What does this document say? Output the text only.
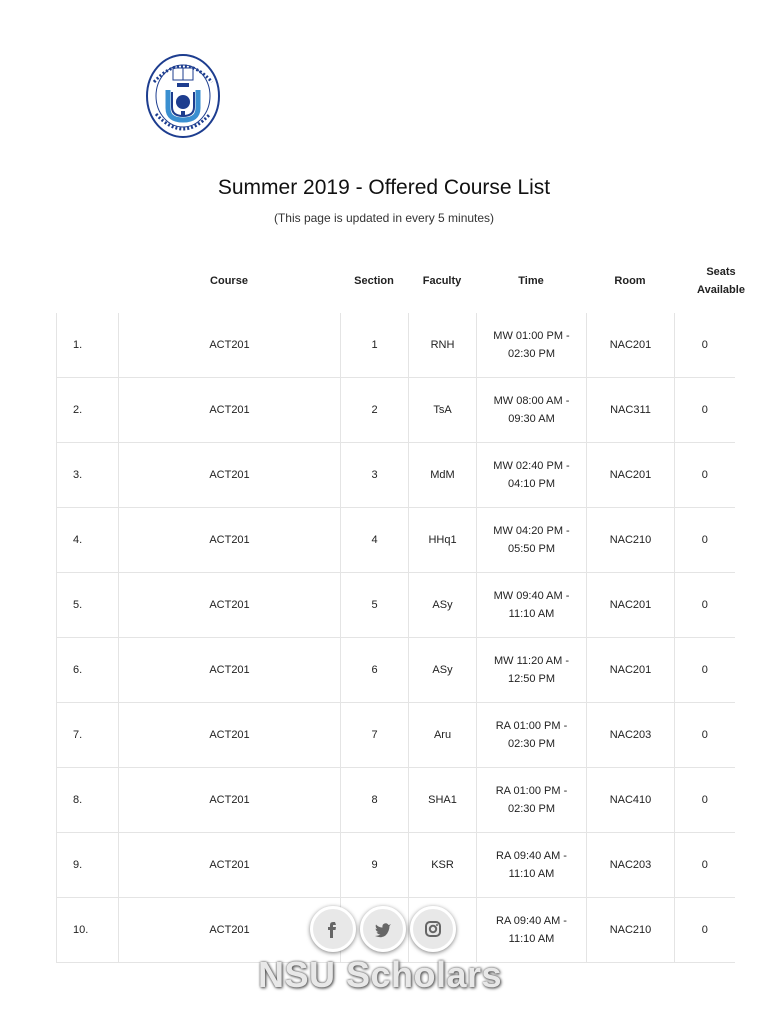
Summer 2019 - Offered Course List
(This page is updated in every 5 minutes)
Course	Section	Faculty	Time	Room
Seats
Available
1.	ACT201	1	RNH	MW 01:00 PM -
02:30 PM	NAC201	0
2.	ACT201	2	TsA	MW 08:00 AM -
09:30 AM	NAC311	0
3.	ACT201	3	MdM	MW 02:40 PM -
04:10 PM	NAC201	0
4.	ACT201	4	HHq1	MW 04:20 PM -
05:50 PM	NAC210	0
5.	ACT201	5	ASy	MW 09:40 AM -
11:10 AM	NAC201	0
6.	ACT201	6	ASy	MW 11:20 AM -
12:50 PM	NAC201	0
7.	ACT201	7	Aru	RA 01:00 PM -
02:30 PM	NAC203	0
8.	ACT201	8	SHA1	RA 01:00 PM -
02:30 PM	NAC410	0
9.	ACT201	9	KSR	RA 09:40 AM -
11:10 AM	NAC203	0
10.	ACT201			RA 09:40 AM -
11:10 AM	NAC210	0
NSU Scholars
